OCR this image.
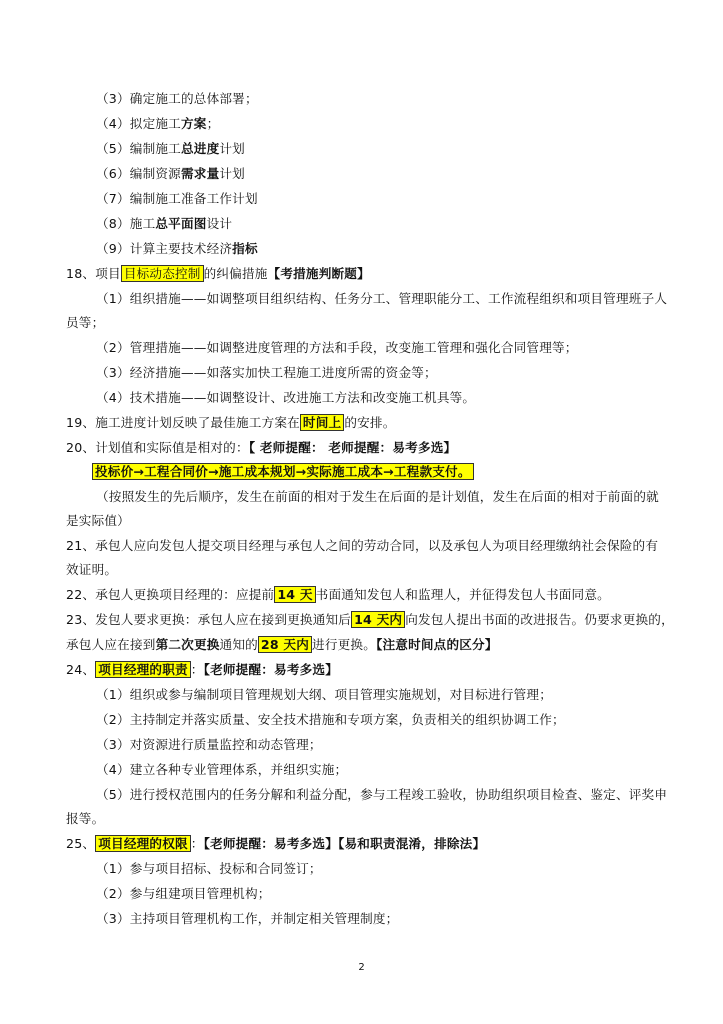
（3）确定施工的总体部署；
（4）拟定施工方案；
（5）编制施工总进度计划
（6）编制资源需求量计划
（7）编制施工准备工作计划
（8）施工总平面图设计
（9）计算主要技术经济指标
18、项目 目标动态控制 的纠偏措施【考措施判断题】
（1）组织措施——如调整项目组织结构、任务分工、管理职能分工、工作流程组织和项目管理班子人
员等；
（2）管理措施——如调整进度管理的方法和手段，改变施工管理和强化合同管理等；
（3）经济措施——如落实加快工程施工进度所需的资金等；
（4）技术措施——如调整设计、改进施工方法和改变施工机具等。
19、施工进度计划反映了最佳施工方案在 时间上 的安排。
20、计划值和实际值是相对的：【 老师提醒： 老师提醒：易考多选】
投标价→工程合同价→施工成本规划→实际施工成本→工程款支付。
（按照发生的先后顺序，发生在前面的相对于发生在后面的是计划值，发生在后面的相对于前面的就
是实际值）
21、承包人应向发包人提交项目经理与承包人之间的劳动合同，以及承包人为项目经理缴纳社会保险的有
效证明。
22、承包人更换项目经理的：应提前 14 天 书面通知发包人和监理人，并征得发包人书面同意。
23、发包人要求更换：承包人应在接到更换通知后 14 天内 向发包人提出书面的改进报告。仍要求更换的，
承包人应在接到第二次更换通知的 28 天内 进行更换。【注意时间点的区分】
24、 项目经理的职责 ：【老师提醒：易考多选】
（1）组织或参与编制项目管理规划大纲、项目管理实施规划，对目标进行管理；
（2）主持制定并落实质量、安全技术措施和专项方案，负责相关的组织协调工作；
（3）对资源进行质量监控和动态管理；
（4）建立各种专业管理体系，并组织实施；
（5）进行授权范围内的任务分解和利益分配，参与工程竣工验收，协助组织项目检查、鉴定、评奖申
报等。
25、 项目经理的权限 ：【老师提醒：易考多选】【易和职责混淆，排除法】
（1）参与项目招标、投标和合同签订；
（2）参与组建项目管理机构；
（3）主持项目管理机构工作，并制定相关管理制度；
2
